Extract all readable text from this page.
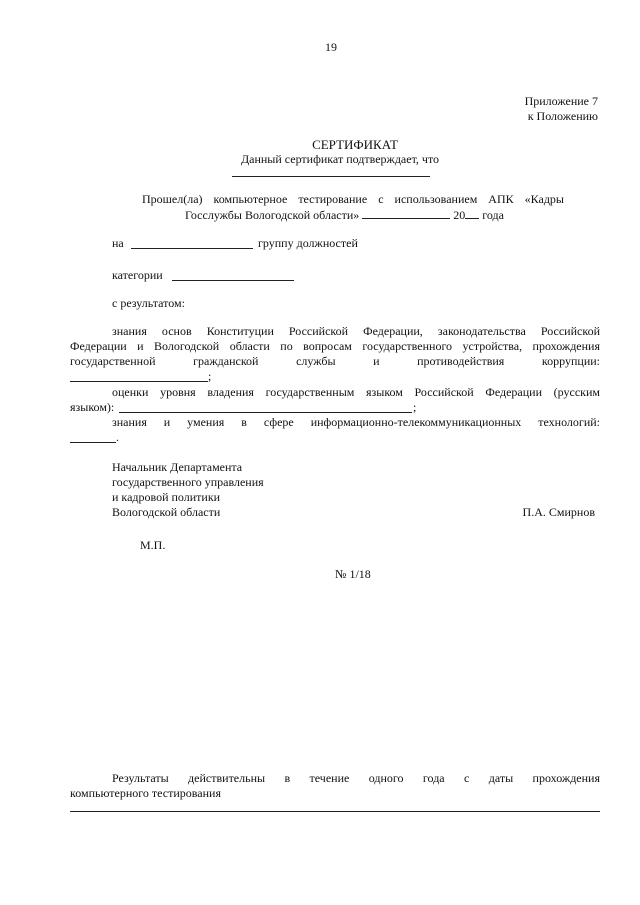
19
Приложение 7
к Положению
СЕРТИФИКАТ
Данный сертификат подтверждает, что
Прошел(ла) компьютерное тестирование с использованием АПК «Кадры
Госслужбы Вологодской области»	20 года
на	группу должностей
категории
с результатом:
знания основ Конституции Российской Федерации, законодательства Российской
Федерации и Вологодской области по вопросам государственного устройства, прохождения
государственной гражданской службы и противодействия коррупции:
;
оценки уровня владения государственным языком Российской Федерации (русским
языком):	;
знания и умения в сфере информационно-телекоммуникационных технологий:
.
Начальник Департамента
государственного управления
и кадровой политики
Вологодской области	П.А. Смирнов
М.П.
№ 1/18
Результаты действительны в течение одного года с даты прохождения
компьютерного тестирования
